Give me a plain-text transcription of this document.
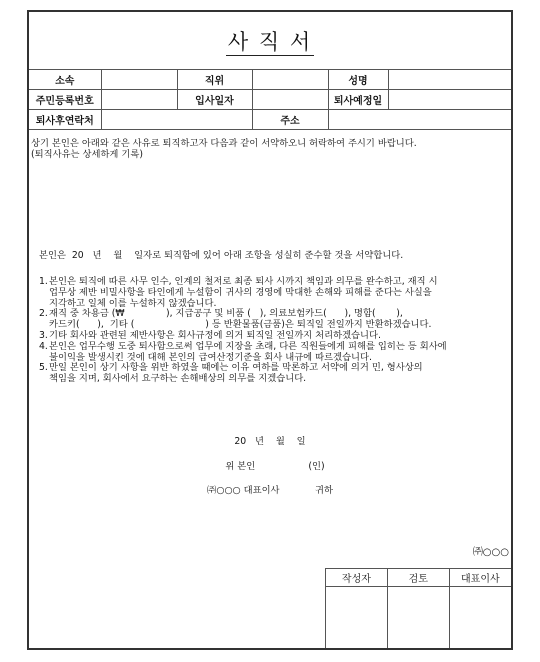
사 직 서
소속		직위		성명	
주민등록번호		입사일자		퇴사예정일	
퇴사후연락처			주소		
상기 본인은 아래와 같은 사유로 퇴직하고자 다음과 같이 서약하오니 허락하여 주시기 바랍니다.
(퇴직사유는 상세하게 기록)
본인은  20   년    월    일자로 퇴직함에 있어 아래 조항을 성실히 준수할 것을 서약합니다.
1. 본인은 퇴직에 따른 사무 인수, 인계의 철저로 최종 퇴사 시까지 책임과 의무를 완수하고, 재직 시
업무상 제반 비밀사항을 타인에게 누설함이 귀사의 경영에 막대한 손해와 피해를 준다는 사실을
지각하고 일체 이를 누설하지 않겠습니다.
2. 재직 중 차용금 (₩              ), 지급공구 및 비품 (   ), 의료보험카드(      ), 명함(       ),
카드키(      ),  기타 (                        ) 등 반환물품(금품)은 퇴직일 전일까지 반환하겠습니다.
3. 기타 회사와 관련된 제반사항은 회사규정에 의거 퇴직일 전일까지 처리하겠습니다.
4. 본인은 업무수행 도중 퇴사함으로써 업무에 지장을 초래, 다른 직원들에게 피해를 입히는 등 회사에
불이익을 발생시킨 것에 대해 본인의 급여산정기준을 회사 내규에 따르겠습니다.
5. 만일 본인이 상기 사항을 위반 하였을 때에는 이유 여하를 막론하고 서약에 의거 민, 형사상의
책임을 지며, 회사에서 요구하는 손해배상의 의무를 지겠습니다.
20   년    월    일
위 본인                  (인)
㈜○○○ 대표이사            귀하
㈜○○○
작성자	검토	대표이사
